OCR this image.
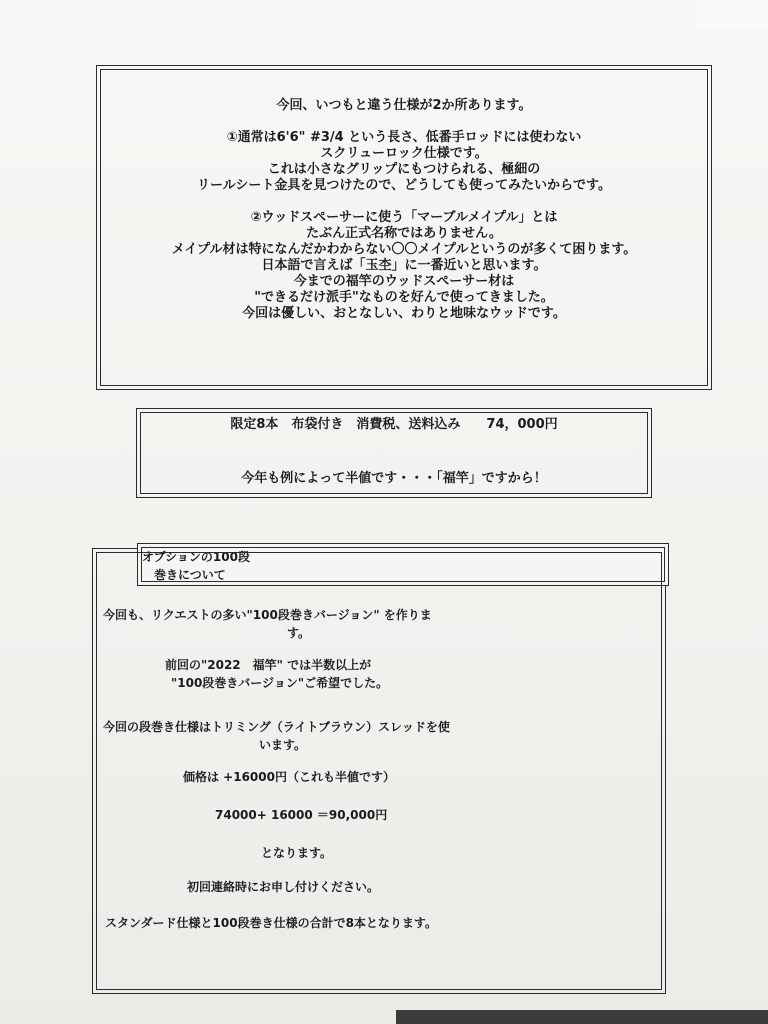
今回、いつもと違う仕様が2か所あります。
①通常は6'6" #3/4 という長さ、低番手ロッドには使わない
スクリューロック仕様です。
これは小さなグリップにもつけられる、極細の
リールシート金具を見つけたので、どうしても使ってみたいからです。
②ウッドスペーサーに使う「マーブルメイプル」とは
たぶん正式名称ではありません。
メイプル材は特になんだかわからない〇〇メイプルというのが多くて困ります。
日本語で言えば「玉杢」に一番近いと思います。
今までの福竿のウッドスペーサー材は
"できるだけ派手"なものを好んで使ってきました。
今回は優しい、おとなしい、わりと地味なウッドです。
限定8本　布袋付き　消費税、送料込み　　74，000円
今年も例によって半値です・・・「福竿」ですから！
オプションの100段
巻きについて
今回も、リクエストの多い"100段巻きバージョン" を作りま
す。
前回の"2022　福竿" では半数以上が
"100段巻きバージョン"ご希望でした。
今回の段巻き仕様はトリミング（ライトブラウン）スレッドを使
います。
価格は +16000円（これも半値です）
74000+ 16000 ＝90,000円
となります。
初回連絡時にお申し付けください。
スタンダード仕様と100段巻き仕様の合計で8本となります。
